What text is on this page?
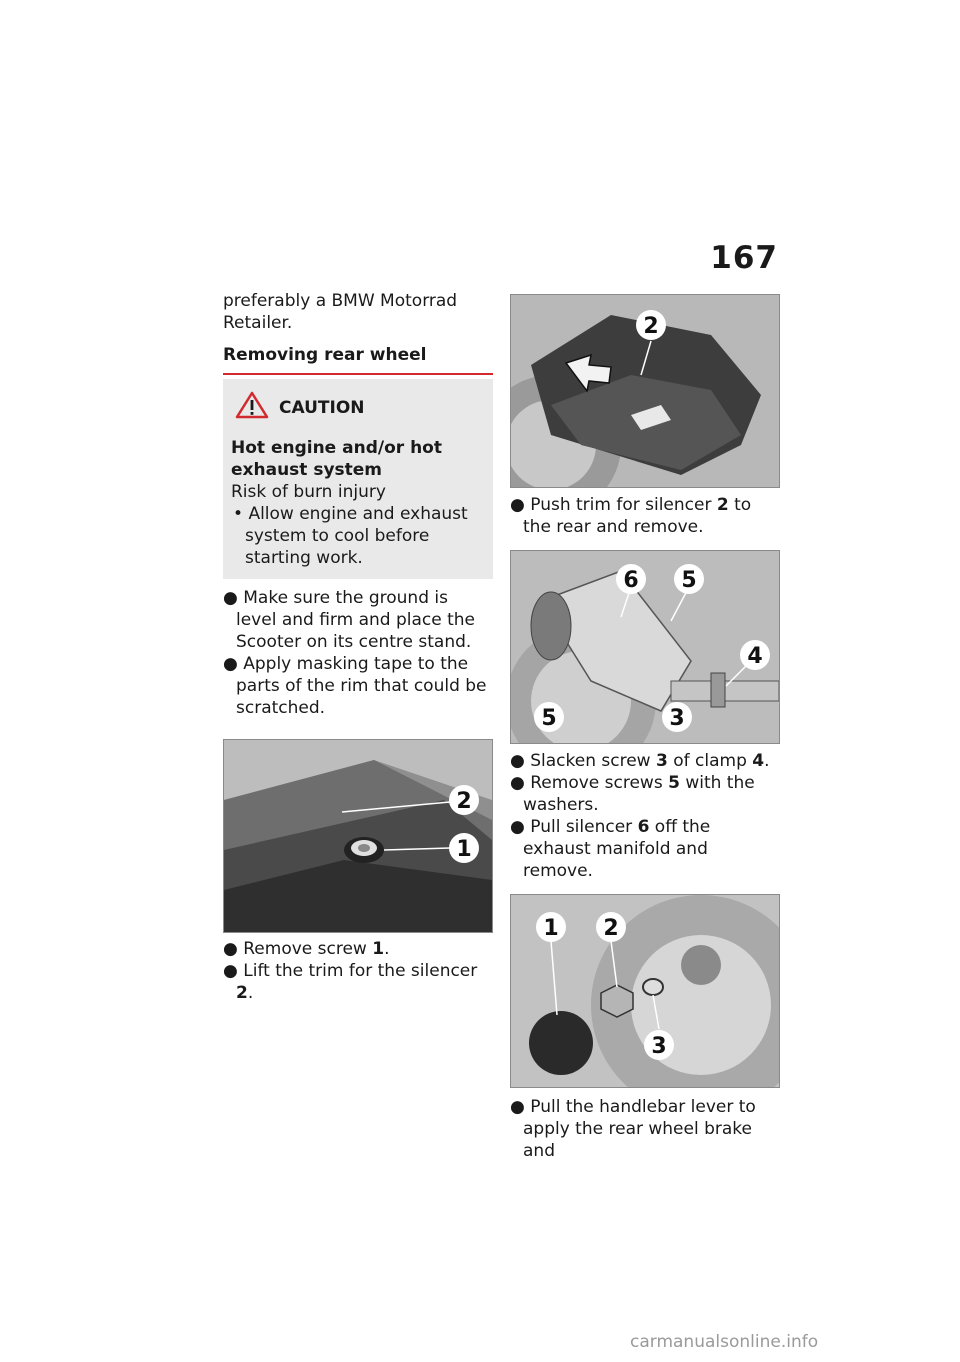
167

preferably a BMW Motorrad Retailer.

Removing rear wheel

CAUTION

Hot engine and/or hot exhaust system

Risk of burn injury

• Allow engine and exhaust system to cool before starting work.

● Make sure the ground is level and firm and place the Scooter on its centre stand.
● Apply masking tape to the parts of the rim that could be scratched.
2
1
● Remove screw 1.
● Lift the trim for the silencer 2.
2
● Push trim for silencer 2 to the rear and remove.
6 5
4
5	3
● Slacken screw 3 of clamp 4.
● Remove screws 5 with the washers.
● Pull silencer 6 off the exhaust manifold and remove.
1 2
3
● Pull the handlebar lever to apply the rear wheel brake and
carmanualsonline.info
